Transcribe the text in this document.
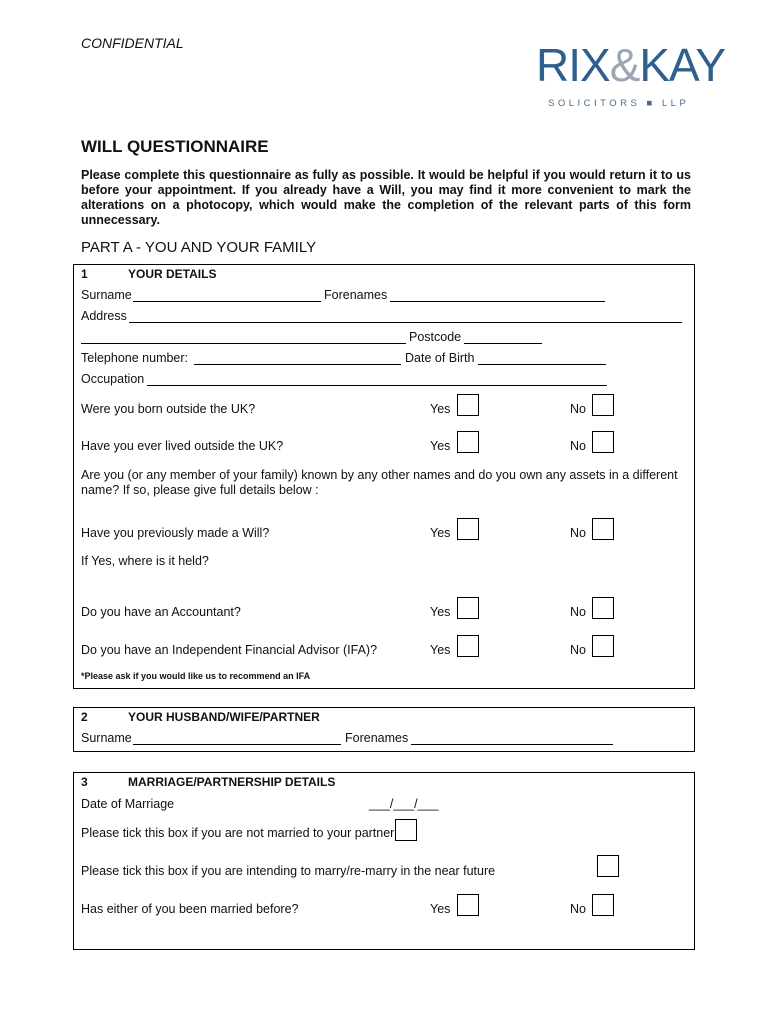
CONFIDENTIAL	RIX&KAY
SOLICITORS ■ LLP
WILL QUESTIONNAIRE
Please complete this questionnaire as fully as possible. It would be helpful if you would return it to us before your appointment. If you already have a Will, you may find it more convenient to mark the alterations on a photocopy, which would make the completion of the relevant parts of this form unnecessary.
PART A - YOU AND YOUR FAMILY
1	YOUR DETAILS
Surname	Forenames
Address
Postcode
Telephone number:	Date of Birth
Occupation
Were you born outside the UK?	Yes	No
Have you ever lived outside the UK?	Yes	No
Are you (or any member of your family) known by any other names and do you own any assets in a different name? If so, please give full details below :
Have you previously made a Will?	Yes	No
If Yes, where is it held?
Do you have an Accountant?	Yes	No
Do you have an Independent Financial Advisor (IFA)?	Yes	No
*Please ask if you would like us to recommend an IFA
2	YOUR HUSBAND/WIFE/PARTNER
Surname	Forenames
3	MARRIAGE/PARTNERSHIP DETAILS
Date of Marriage	___/___/___
Please tick this box if you are not married to your partner
Please tick this box if you are intending to marry/re-marry in the near future
Has either of you been married before?	Yes	No
